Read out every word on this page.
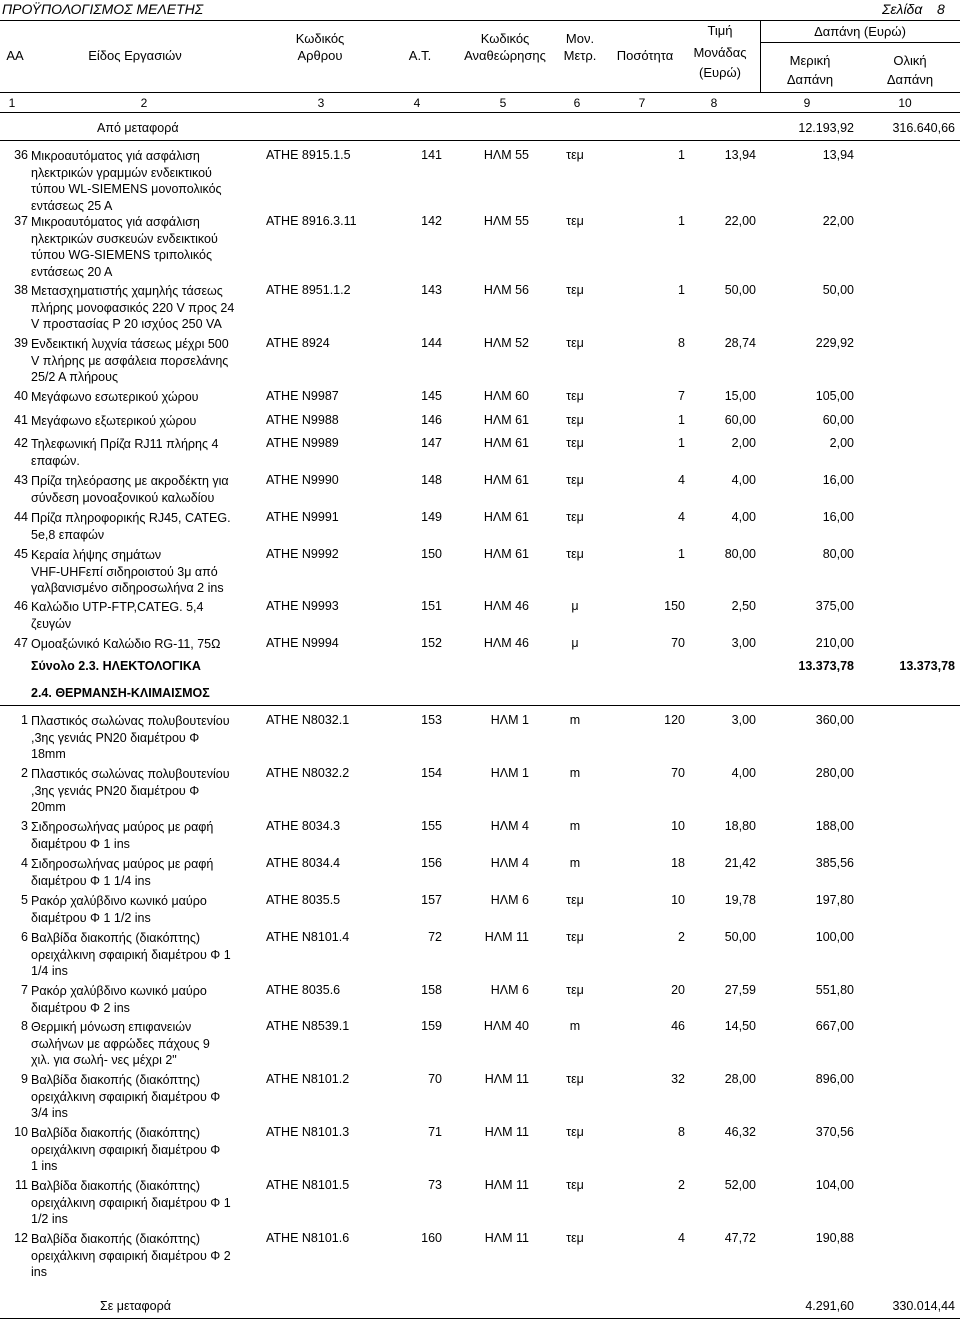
ΠΡΟΫΠΟΛΟΓΙΣΜΟΣ ΜΕΛΕΤΗΣ	Σελίδα 8
ΑΑ	Είδος Εργασιών
Κωδικός
Αρθρου	Α.Τ.
Κωδικός
Αναθεώρησης
Μον.
Μετρ.	Ποσότητα
Τιμή
Μονάδας
(Ευρώ)
Δαπάνη (Ευρώ)
Μερική
Δαπάνη
Ολική
Δαπάνη
1	2	3	4	5	6	7	8	9	10
Από μεταφορά	12.193,92	316.640,66
36 Μικροαυτόματος γιά ασφάλιση
ηλεκτρικών γραμμών ενδεικτικού
τύπου WL-SIEMENS μονοπολικός
εντάσεως 25 Α
ΑΤΗΕ 8915.1.5	141	ΗΛΜ 55	τεμ	1	13,94	13,94
37 Μικροαυτόματος γιά ασφάλιση
ηλεκτρικών συσκευών ενδεικτικού
τύπου WG-SIEMENS τριπολικός
εντάσεως 20 Α
ΑΤΗΕ 8916.3.11	142	ΗΛΜ 55	τεμ	1	22,00	22,00
38 Μετασχηματιστής χαμηλής τάσεως
πλήρης μονοφασικός 220 V προς 24
V προστασίας P 20 ισχύος 250 VA
ΑΤΗΕ 8951.1.2	143	ΗΛΜ 56	τεμ	1	50,00	50,00
39 Ενδεικτική λυχνία τάσεως μέχρι 500
V πλήρης με ασφάλεια πορσελάνης
25/2 Α πλήρους
ΑΤΗΕ 8924	144	ΗΛΜ 52	τεμ	8	28,74	229,92
40 Μεγάφωνο εσωτερικού χώρου	ΑΤΗΕ Ν9987	145	ΗΛΜ 60	τεμ	7	15,00	105,00
41 Μεγάφωνο εξωτερικού χώρου	ΑΤΗΕ Ν9988	146	ΗΛΜ 61	τεμ	1	60,00	60,00
42 Τηλεφωνική Πρίζα RJ11 πλήρης 4
επαφών.
ΑΤΗΕ Ν9989	147	ΗΛΜ 61	τεμ	1	2,00	2,00
43 Πρίζα τηλεόρασης με ακροδέκτη για
σύνδεση μονοαξονικού καλωδίου
ΑΤΗΕ Ν9990	148	ΗΛΜ 61	τεμ	4	4,00	16,00
44 Πρίζα πληροφορικής RJ45, CATEG.
5e,8 επαφών
ΑΤΗΕ Ν9991	149	ΗΛΜ 61	τεμ	4	4,00	16,00
45 Κεραία λήψης σημάτων
VHF-UHFεπί σιδηροιστού 3μ από
γαλβανισμένο σιδηροσωλήνα 2 ins
ΑΤΗΕ Ν9992	150	ΗΛΜ 61	τεμ	1	80,00	80,00
46 Καλώδιο UTP-FTP,CATEG. 5,4
ζευγών
ΑΤΗΕ Ν9993	151	ΗΛΜ 46	μ	150	2,50	375,00
47 Ομοαξώνικό Καλώδιο RG-11, 75Ω	ΑΤΗΕ Ν9994	152	ΗΛΜ 46	μ	70	3,00	210,00
Σύνολο 2.3. ΗΛΕΚΤΟΛΟΓΙΚΑ	13.373,78	13.373,78
2.4. ΘΕΡΜΑΝΣΗ-ΚΛΙΜΑΙΣΜΟΣ
1 Πλαστικός σωλώνας πολυβουτενίου
,3ης γενιάς PN20 διαμέτρου Φ
18mm
ΑΤΗΕ Ν8032.1	153	ΗΛΜ 1	m	120	3,00	360,00
2 Πλαστικός σωλώνας πολυβουτενίου
,3ης γενιάς PN20 διαμέτρου Φ
20mm
ΑΤΗΕ Ν8032.2	154	ΗΛΜ 1	m	70	4,00	280,00
3 Σιδηροσωλήνας μαύρος με ραφή
διαμέτρου Φ 1 ins
ΑΤΗΕ 8034.3	155	ΗΛΜ 4	m	10	18,80	188,00
4 Σιδηροσωλήνας μαύρος με ραφή
διαμέτρου Φ 1 1/4 ins
ΑΤΗΕ 8034.4	156	ΗΛΜ 4	m	18	21,42	385,56
5 Ρακόρ χαλύβδινο κωνικό μαύρο
διαμέτρου Φ 1 1/2 ins
ΑΤΗΕ 8035.5	157	ΗΛΜ 6	τεμ	10	19,78	197,80
6 Βαλβίδα διακοπής (διακόπτης)
ορειχάλκινη σφαιρική διαμέτρου Φ 1
1/4 ins
ΑΤΗΕ Ν8101.4	72	ΗΛΜ 11	τεμ	2	50,00	100,00
7 Ρακόρ χαλύβδινο κωνικό μαύρο
διαμέτρου Φ 2 ins
ΑΤΗΕ 8035.6	158	ΗΛΜ 6	τεμ	20	27,59	551,80
8 Θερμική μόνωση επιφανειών
σωλήνων με αφρώδες πάχους 9
χιλ. για σωλή- νες μέχρι 2"
ΑΤΗΕ Ν8539.1	159	ΗΛΜ 40	m	46	14,50	667,00
9 Βαλβίδα διακοπής (διακόπτης)
ορειχάλκινη σφαιρική διαμέτρου Φ
3/4 ins
ΑΤΗΕ Ν8101.2	70	ΗΛΜ 11	τεμ	32	28,00	896,00
10 Βαλβίδα διακοπής (διακόπτης)
ορειχάλκινη σφαιρική διαμέτρου Φ
1 ins
ΑΤΗΕ Ν8101.3	71	ΗΛΜ 11	τεμ	8	46,32	370,56
11 Βαλβίδα διακοπής (διακόπτης)
ορειχάλκινη σφαιρική διαμέτρου Φ 1
1/2 ins
ΑΤΗΕ Ν8101.5	73	ΗΛΜ 11	τεμ	2	52,00	104,00
12 Βαλβίδα διακοπής (διακόπτης)
ορειχάλκινη σφαιρική διαμέτρου Φ 2
ins
ΑΤΗΕ Ν8101.6	160	ΗΛΜ 11	τεμ	4	47,72	190,88
Σε μεταφορά	4.291,60	330.014,44
